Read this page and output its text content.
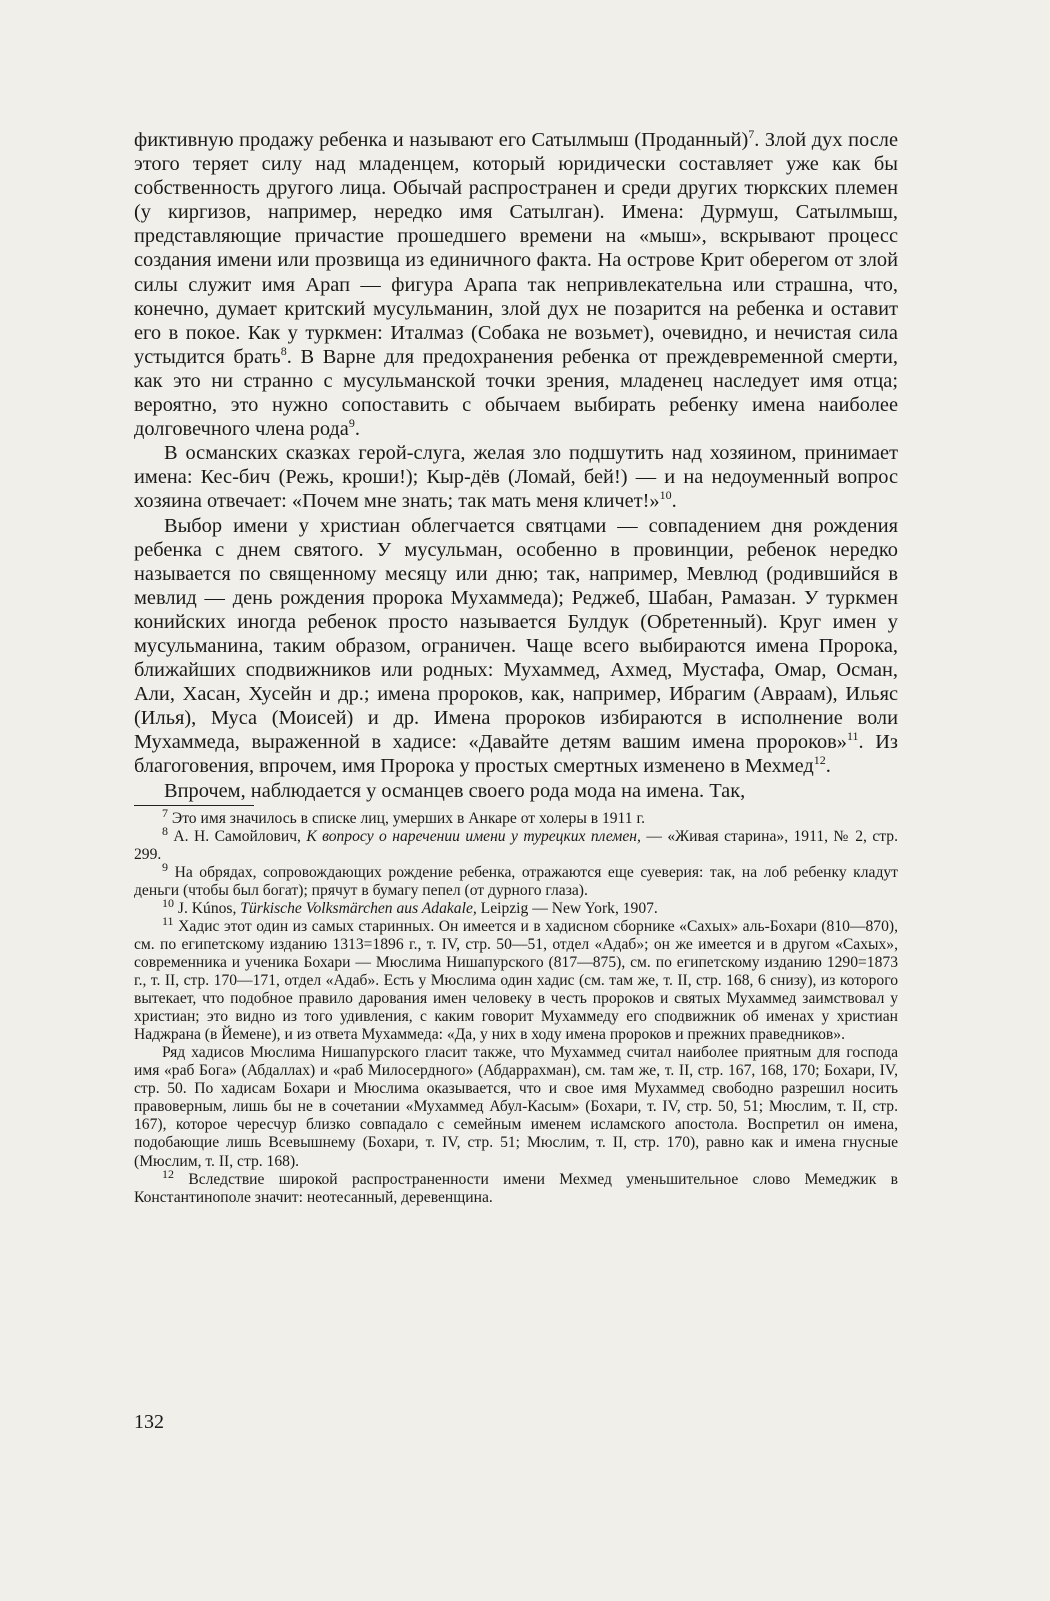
фиктивную продажу ребенка и называют его Сатылмыш (Проданный)$^7$. Злой дух после этого теряет силу над младенцем, который юридически составляет уже как бы собственность другого лица. Обычай распространен и среди других тюркских племен (у киргизов, например, нередко имя Сатылган). Имена: Дурмуш, Сатылмыш, представляющие причастие прошедшего времени на «мыш», вскрывают процесс создания имени или прозвища из единичного факта. На острове Крит оберегом от злой силы служит имя Арап — фигура Арапа так непривлекательна или страшна, что, конечно, думает критский мусульманин, злой дух не позарится на ребенка и оставит его в покое. Как у туркмен: Италмаз (Собака не возьмет), очевидно, и нечистая сила устыдится брать$^8$. В Варне для предохранения ребенка от преждевременной смерти, как это ни странно с мусульманской точки зрения, младенец наследует имя отца; вероятно, это нужно сопоставить с обычаем выбирать ребенку имена наиболее долговечного члена рода$^9$.

В османских сказках герой-слуга, желая зло подшутить над хозяином, принимает имена: Кес-бич (Режь, кроши!); Кыр-дёв (Ломай, бей!) — и на недоуменный вопрос хозяина отвечает: «Почем мне знать; так мать меня кличет!»$^{10}$.

Выбор имени у христиан облегчается святцами — совпадением дня рождения ребенка с днем святого. У мусульман, особенно в провинции, ребенок нередко называется по священному месяцу или дню; так, например, Мевлюд (родившийся в мевлид — день рождения пророка Мухаммеда); Реджеб, Шабан, Рамазан. У туркмен конийских иногда ребенок просто называется Булдук (Обретенный). Круг имен у мусульманина, таким образом, ограничен. Чаще всего выбираются имена Пророка, ближайших сподвижников или родных: Мухаммед, Ахмед, Мустафа, Омар, Осман, Али, Хасан, Хусейн и др.; имена пророков, как, например, Ибрагим (Авраам), Ильяс (Илья), Муса (Моисей) и др. Имена пророков избираются в исполнение воли Мухаммеда, выраженной в хадисе: «Давайте детям вашим имена пророков»$^{11}$. Из благоговения, впрочем, имя Пророка у простых смертных изменено в Мехмед$^{12}$.

Впрочем, наблюдается у османцев своего рода мода на имена. Так,

$^7$ Это имя значилось в списке лиц, умерших в Анкаре от холеры в 1911 г.

$^8$ А. Н. Самойлович, К вопросу о наречении имени у турецких племен, — «Живая старина», 1911, № 2, стр. 299.

$^9$ На обрядах, сопровождающих рождение ребенка, отражаются еще суеверия: так, на лоб ребенку кладут деньги (чтобы был богат); прячут в бумагу пепел (от дурного глаза).

$^{10}$ J. Kúnos, Türkische Volksmärchen aus Adakale, Leipzig — New York, 1907.

$^{11}$ Хадис этот один из самых старинных. Он имеется и в хадисном сборнике «Сахых» аль-Бохари (810—870), см. по египетскому изданию 1313=1896 г., т. IV, стр. 50—51, отдел «Адаб»; он же имеется и в другом «Сахых», современника и ученика Бохари — Мюслима Нишапурского (817—875), см. по египетскому изданию 1290=1873 г., т. II, стр. 170—171, отдел «Адаб». Есть у Мюслима один хадис (см. там же, т. II, стр. 168, 6 снизу), из которого вытекает, что подобное правило дарования имен человеку в честь пророков и святых Мухаммед заимствовал у христиан; это видно из того удивления, с каким говорит Мухаммеду его сподвижник об именах у христиан Наджрана (в Йемене), и из ответа Мухаммеда: «Да, у них в ходу имена пророков и прежних праведников».

Ряд хадисов Мюслима Нишапурского гласит также, что Мухаммед считал наиболее приятным для господа имя «раб Бога» (Абдаллах) и «раб Милосердного» (Абдаррахман), см. там же, т. II, стр. 167, 168, 170; Бохари, IV, стр. 50. По хадисам Бохари и Мюслима оказывается, что и свое имя Мухаммед свободно разрешил носить правоверным, лишь бы не в сочетании «Мухаммед Абул-Касым» (Бохари, т. IV, стр. 50, 51; Мюслим, т. II, стр. 167), которое чересчур близко совпадало с семейным именем исламского апостола. Воспретил он имена, подобающие лишь Всевышнему (Бохари, т. IV, стр. 51; Мюслим, т. II, стр. 170), равно как и имена гнусные (Мюслим, т. II, стр. 168).

$^{12}$ Вследствие широкой распространенности имени Мехмед уменьшительное слово Мемеджик в Константинополе значит: неотесанный, деревенщина.

132
